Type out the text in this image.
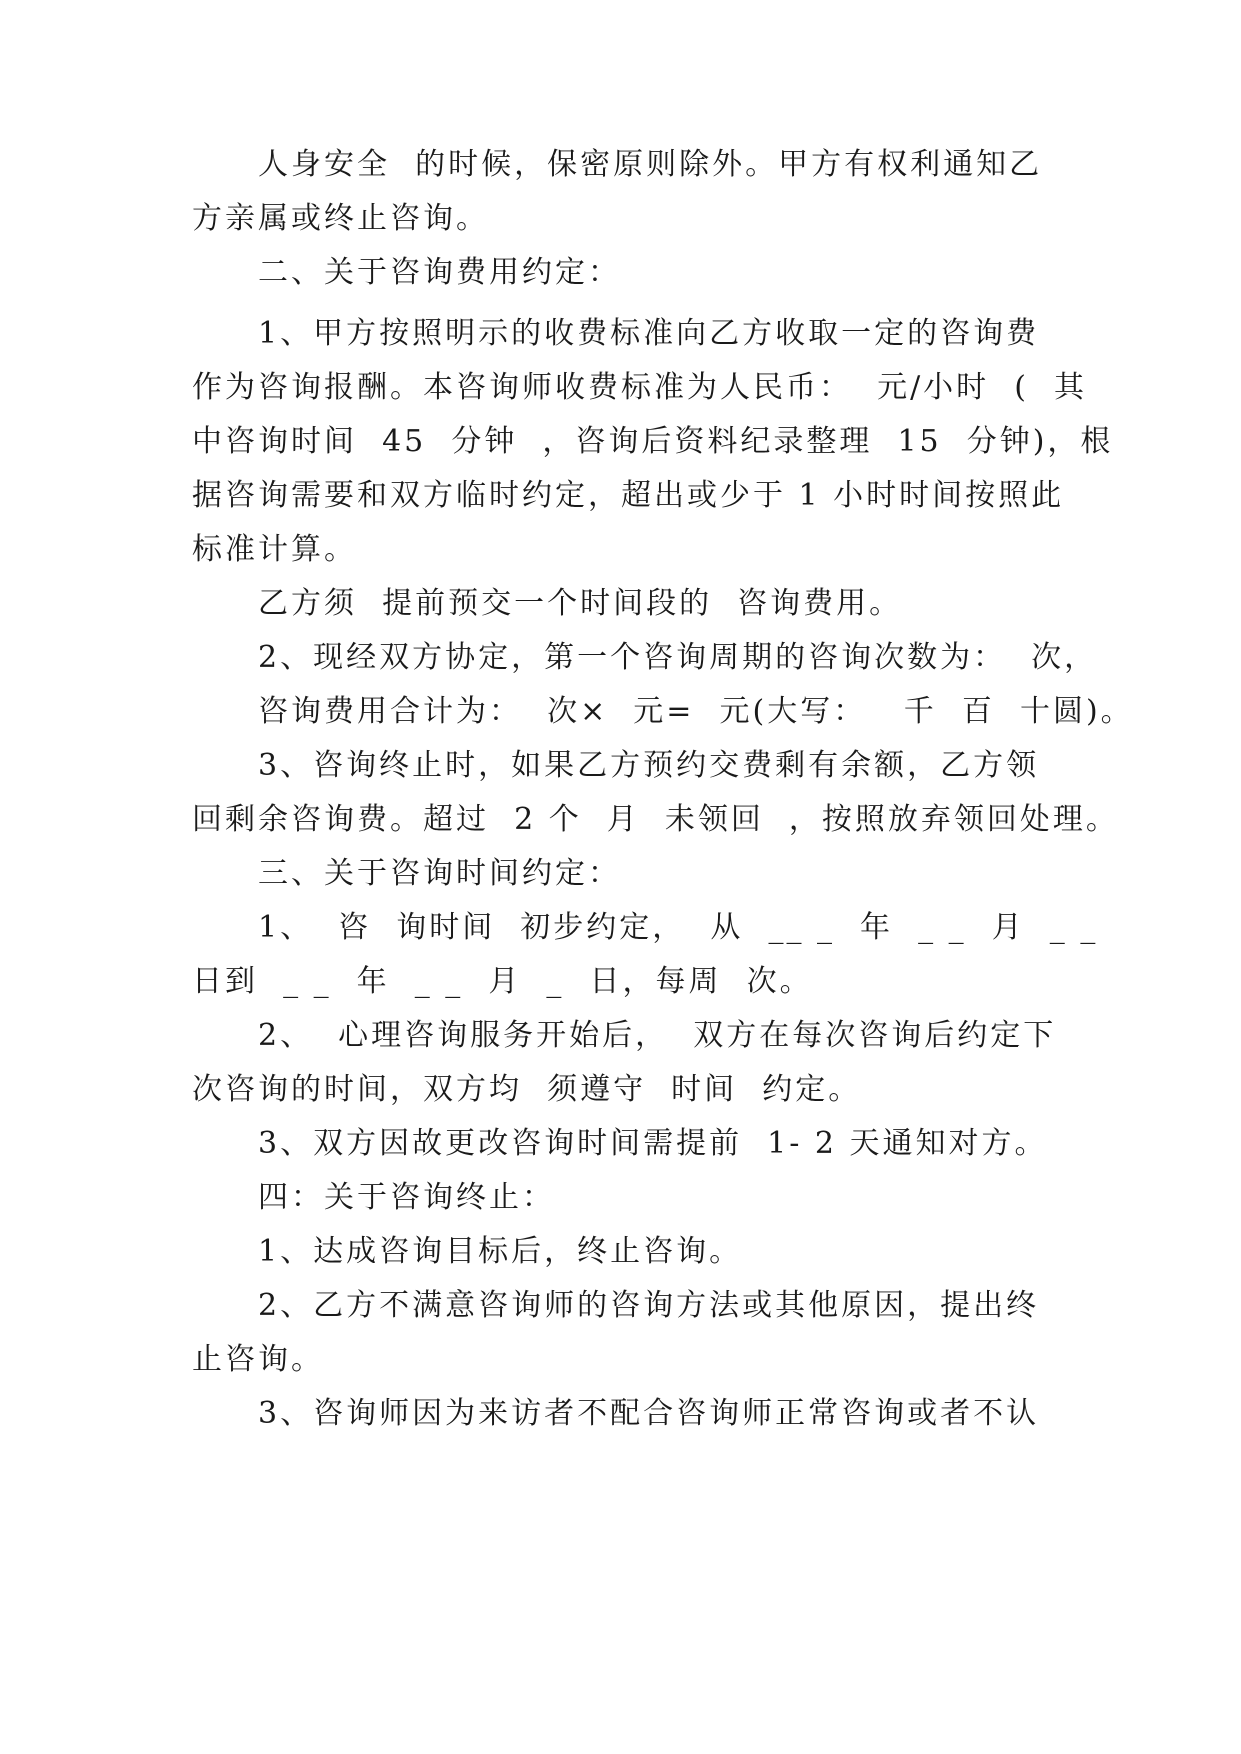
人身安全  的时候，保密原则除外。甲方有权利通知乙

方亲属或终止咨询。

二、关于咨询费用约定：

1、甲方按照明示的收费标准向乙方收取一定的咨询费

作为咨询报酬。本咨询师收费标准为人民币：  元/小时  (  其

中咨询时间  45  分钟  ，咨询后资料纪录整理  15  分钟)，根

据咨询需要和双方临时约定，超出或少于 1 小时时间按照此

标准计算。

乙方须  提前预交一个时间段的  咨询费用。

2、现经双方协定，第一个咨询周期的咨询次数为：  次，

咨询费用合计为：  次×  元=  元(大写：   千  百  十圆)。

3、咨询终止时，如果乙方预约交费剩有余额，乙方领

回剩余咨询费。超过  2 个  月  未领回  ，按照放弃领回处理。

三、关于咨询时间约定：

1、  咨  询时间  初步约定，  从  __ _  年  _ _  月  _ _

日到  _ _  年  _ _  月  _  日，每周  次。

2、  心理咨询服务开始后，  双方在每次咨询后约定下

次咨询的时间，双方均  须遵守  时间  约定。

3、双方因故更改咨询时间需提前  1- 2 天通知对方。

四：关于咨询终止：

1、达成咨询目标后，终止咨询。

2、乙方不满意咨询师的咨询方法或其他原因，提出终

止咨询。

3、咨询师因为来访者不配合咨询师正常咨询或者不认
